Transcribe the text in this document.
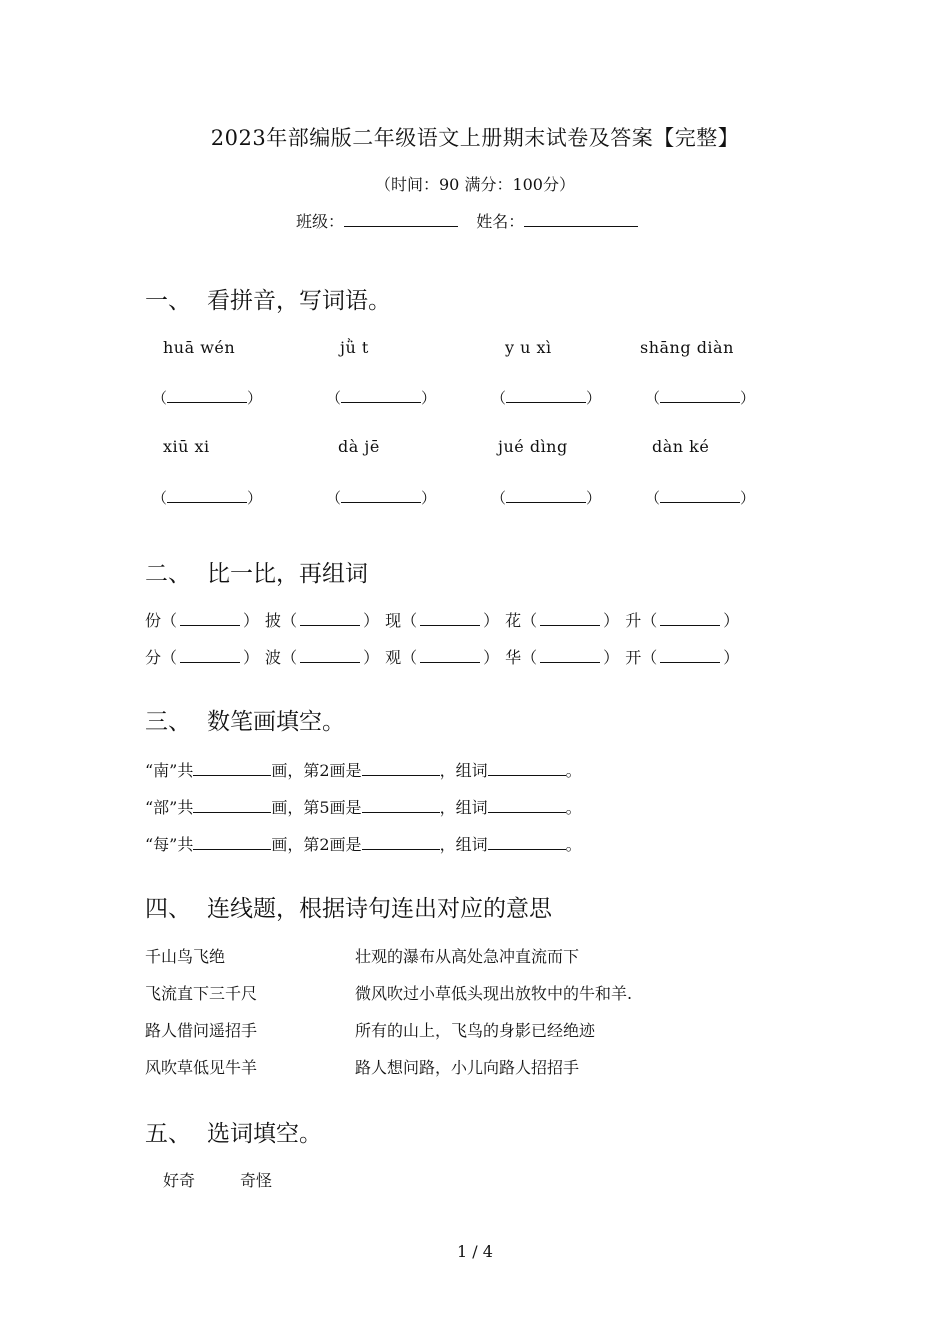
2023年部编版二年级语文上册期末试卷及答案【完整】
（时间：90 满分：100分）
班级：	姓名：
一、 看拼音，写词语。
huā wén	jǜ t	y u xì	shāng diàn
（	）	（	）	（	）	（	）
xiū xi	dà jē	jué dìng	dàn ké
（	）	（	）	（	）	（	）
二、 比一比，再组词
份（	） 披（	） 现（	） 花（	） 升（	）
分（	） 波（	） 观（	） 华（	） 开（	）
三、 数笔画填空。
“南”共	画，第2画是	，组词	。
“部”共	画，第5画是	，组词	。
“每”共	画，第2画是	，组词	。
四、 连线题，根据诗句连出对应的意思
千山鸟飞绝	壮观的瀑布从高处急冲直流而下
飞流直下三千尺	微风吹过小草低头现出放牧中的牛和羊.
路人借问遥招手	所有的山上，飞鸟的身影已经绝迹
风吹草低见牛羊	路人想问路，小儿向路人招招手
五、 选词填空。
好奇	奇怪
1 / 4
